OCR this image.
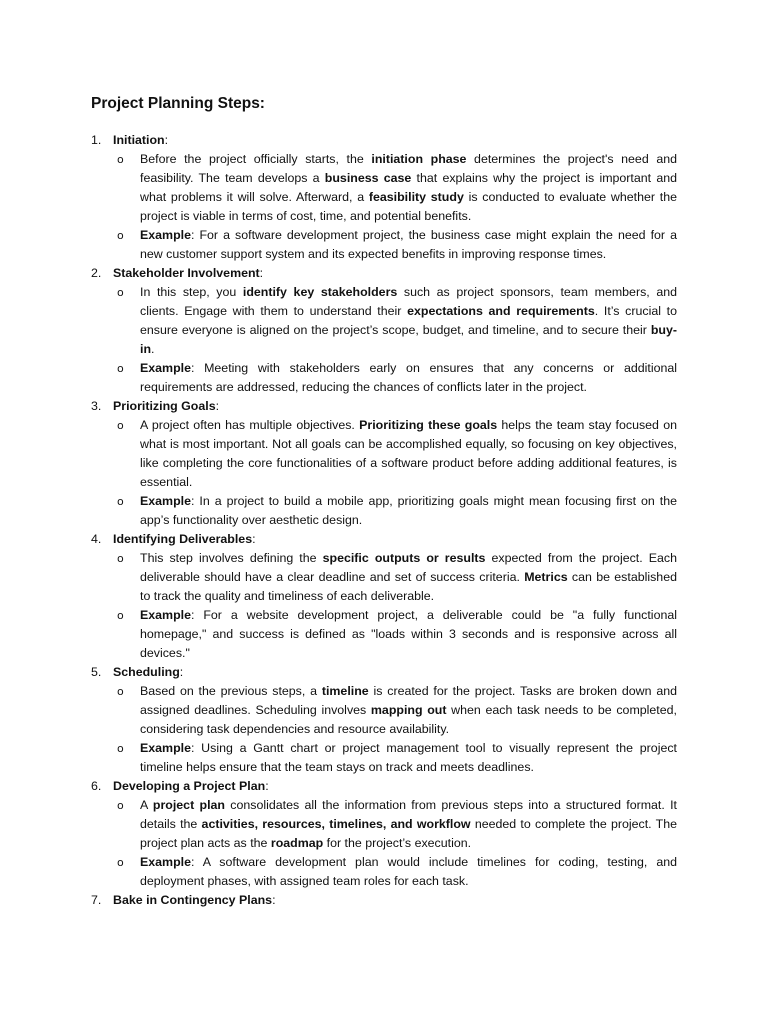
Project Planning Steps:
1. Initiation:
o Before the project officially starts, the initiation phase determines the project's need and feasibility. The team develops a business case that explains why the project is important and what problems it will solve. Afterward, a feasibility study is conducted to evaluate whether the project is viable in terms of cost, time, and potential benefits.

o Example: For a software development project, the business case might explain the need for a new customer support system and its expected benefits in improving response times.

2. Stakeholder Involvement:
o In this step, you identify key stakeholders such as project sponsors, team members, and clients. Engage with them to understand their expectations and requirements. It’s crucial to ensure everyone is aligned on the project’s scope, budget, and timeline, and to secure their buy-in.

o Example: Meeting with stakeholders early on ensures that any concerns or additional requirements are addressed, reducing the chances of conflicts later in the project.

3. Prioritizing Goals:
o A project often has multiple objectives. Prioritizing these goals helps the team stay focused on what is most important. Not all goals can be accomplished equally, so focusing on key objectives, like completing the core functionalities of a software product before adding additional features, is essential.

o Example: In a project to build a mobile app, prioritizing goals might mean focusing first on the app’s functionality over aesthetic design.

4. Identifying Deliverables:
o This step involves defining the specific outputs or results expected from the project. Each deliverable should have a clear deadline and set of success criteria. Metrics can be established to track the quality and timeliness of each deliverable.

o Example: For a website development project, a deliverable could be "a fully functional homepage," and success is defined as "loads within 3 seconds and is responsive across all devices."

5. Scheduling:
o Based on the previous steps, a timeline is created for the project. Tasks are broken down and assigned deadlines. Scheduling involves mapping out when each task needs to be completed, considering task dependencies and resource availability.

o Example: Using a Gantt chart or project management tool to visually represent the project timeline helps ensure that the team stays on track and meets deadlines.

6. Developing a Project Plan:
o A project plan consolidates all the information from previous steps into a structured format. It details the activities, resources, timelines, and workflow needed to complete the project. The project plan acts as the roadmap for the project’s execution.

o Example: A software development plan would include timelines for coding, testing, and deployment phases, with assigned team roles for each task.

7. Bake in Contingency Plans:
